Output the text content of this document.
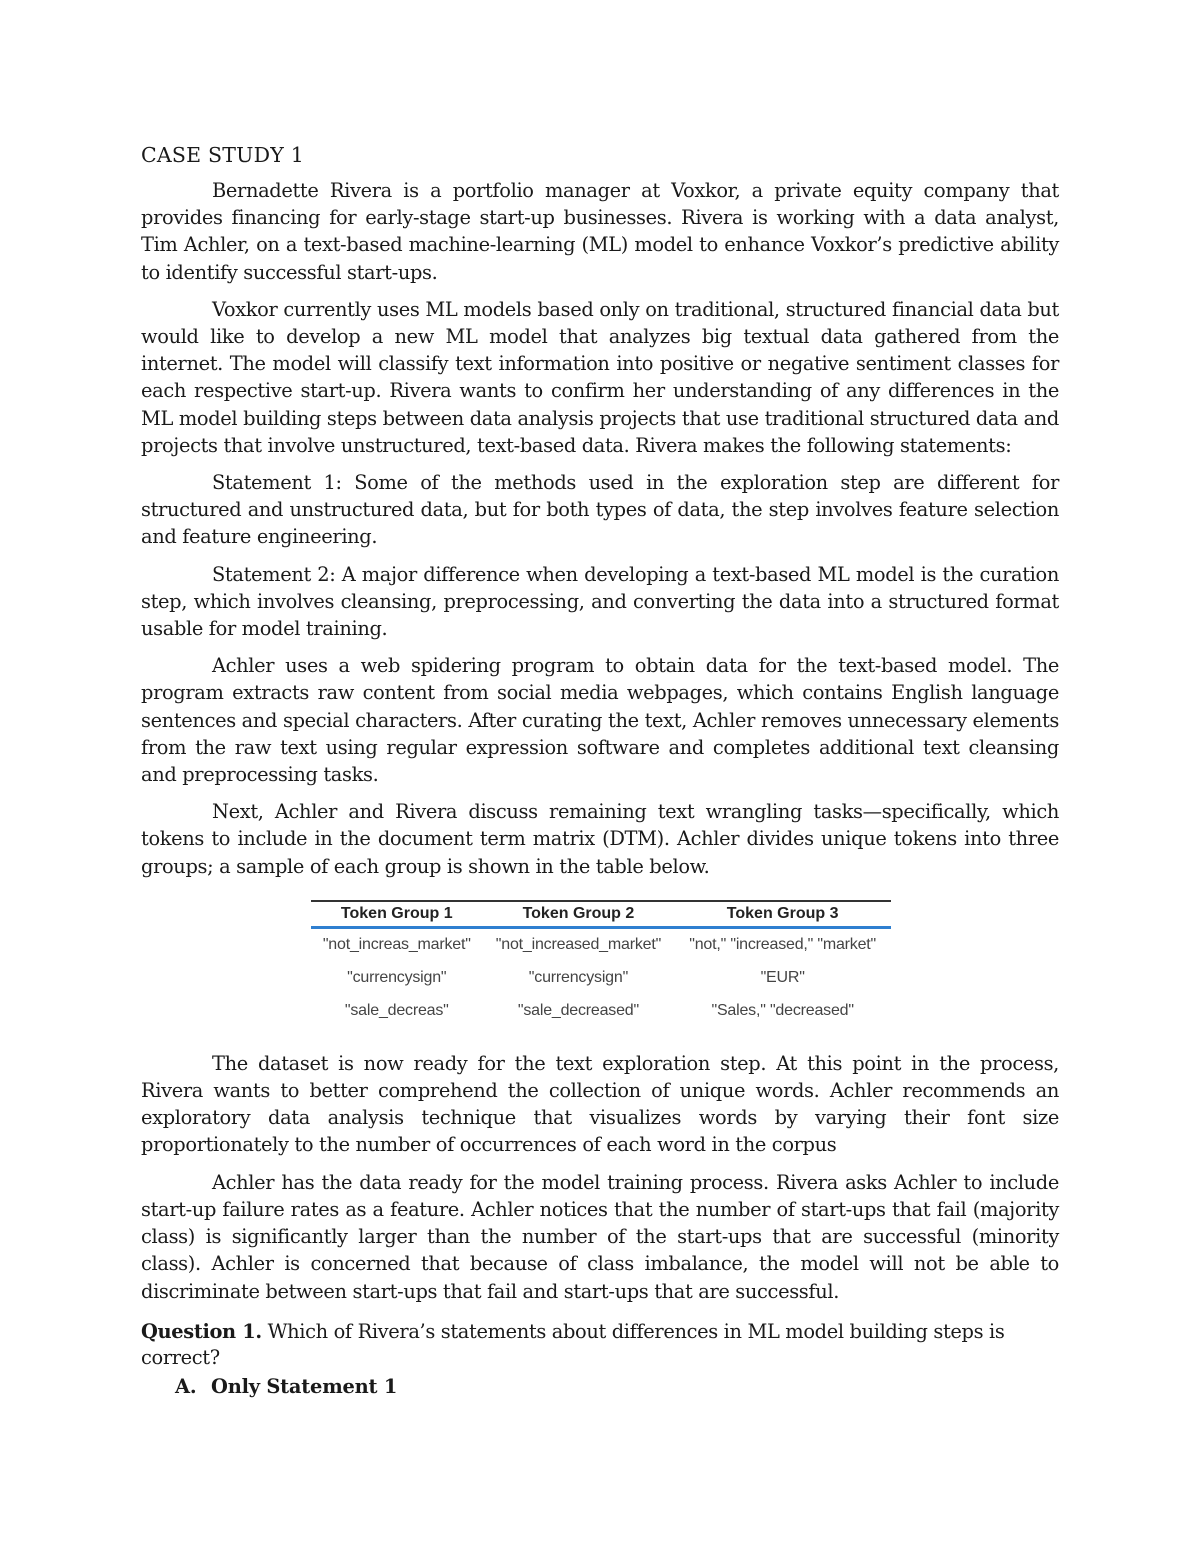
CASE STUDY 1

Bernadette Rivera is a portfolio manager at Voxkor, a private equity company that provides financing for early-stage start-up businesses. Rivera is working with a data analyst, Tim Achler, on a text-based machine-learning (ML) model to enhance Voxkor’s predictive ability to identify successful start-ups.

Voxkor currently uses ML models based only on traditional, structured financial data but would like to develop a new ML model that analyzes big textual data gathered from the internet. The model will classify text information into positive or negative sentiment classes for each respective start-up. Rivera wants to confirm her understanding of any differences in the ML model building steps between data analysis projects that use traditional structured data and projects that involve unstructured, text-based data. Rivera makes the following statements:

Statement 1: Some of the methods used in the exploration step are different for structured and unstructured data, but for both types of data, the step involves feature selection and feature engineering.

Statement 2: A major difference when developing a text-based ML model is the curation step, which involves cleansing, preprocessing, and converting the data into a structured format usable for model training.

Achler uses a web spidering program to obtain data for the text-based model. The program extracts raw content from social media webpages, which contains English language sentences and special characters. After curating the text, Achler removes unnecessary elements from the raw text using regular expression software and completes additional text cleansing and preprocessing tasks.

Next, Achler and Rivera discuss remaining text wrangling tasks—specifically, which tokens to include in the document term matrix (DTM). Achler divides unique tokens into three groups; a sample of each group is shown in the table below.

Token Group 1	Token Group 2	Token Group 3
"not_increas_market"	"not_increased_market"	"not," "increased," "market"
"currencysign"	"currencysign"	"EUR"
"sale_decreas"	"sale_decreased"	"Sales," "decreased"

The dataset is now ready for the text exploration step. At this point in the process, Rivera wants to better comprehend the collection of unique words. Achler recommends an exploratory data analysis technique that visualizes words by varying their font size proportionately to the number of occurrences of each word in the corpus

Achler has the data ready for the model training process. Rivera asks Achler to include start-up failure rates as a feature. Achler notices that the number of start-ups that fail (majority class) is significantly larger than the number of the start-ups that are successful (minority class). Achler is concerned that because of class imbalance, the model will not be able to discriminate between start-ups that fail and start-ups that are successful.

Question 1. Which of Rivera’s statements about differences in ML model building steps is correct?

A. Only Statement 1
